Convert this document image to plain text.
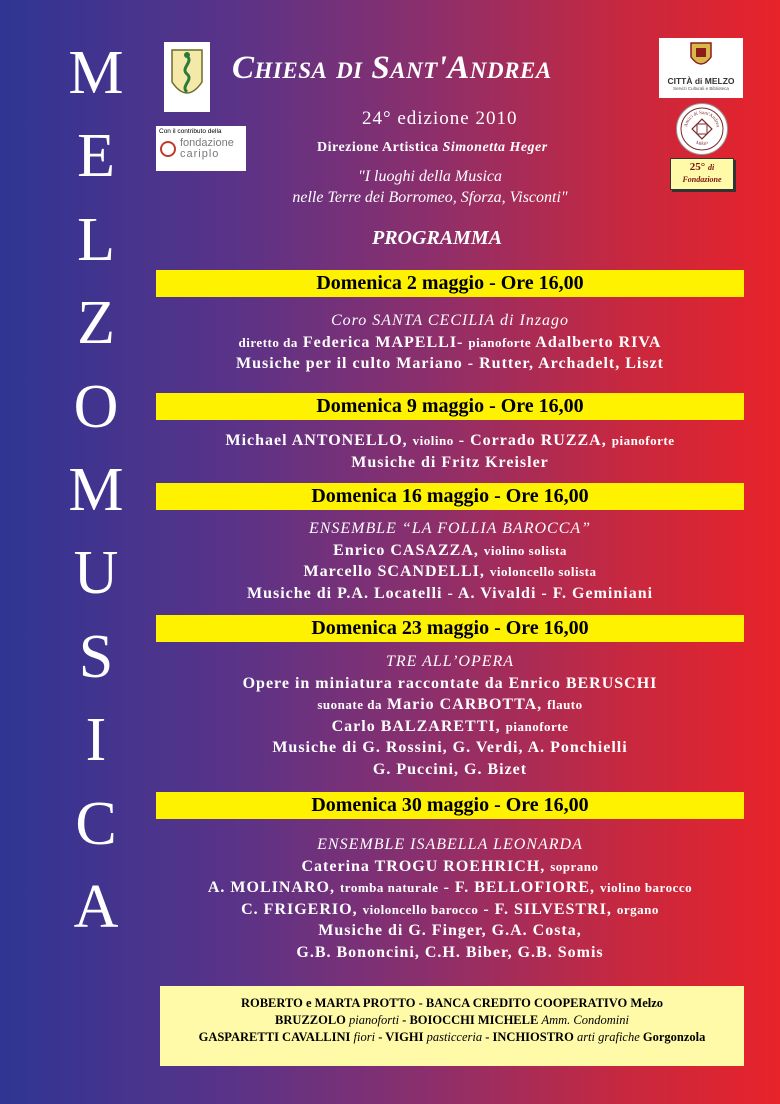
M
E
L
Z
O
M
U
S
I
C
A
Con il contributo della
fondazione
cariplo
CITTÀ di MELZO
Servizi Culturali e Biblioteca
Amici di Sant'Andrea
Melzo
25° di
Fondazione
Chiesa di Sant'Andrea
24° edizione 2010
Direzione Artistica Simonetta Heger
"I luoghi della Musica
nelle Terre dei Borromeo, Sforza, Visconti"
PROGRAMMA
Domenica 2 maggio - Ore 16,00
Coro SANTA CECILIA di Inzago
diretto da Federica MAPELLI- pianoforte Adalberto RIVA
Musiche per il culto Mariano - Rutter, Archadelt, Liszt
Domenica 9 maggio - Ore 16,00
Michael ANTONELLO, violino - Corrado RUZZA, pianoforte
Musiche di Fritz Kreisler
Domenica 16 maggio - Ore 16,00
ENSEMBLE “LA FOLLIA BAROCCA”
Enrico CASAZZA, violino solista
Marcello SCANDELLI, violoncello solista
Musiche di P.A. Locatelli - A. Vivaldi - F. Geminiani
Domenica 23 maggio - Ore 16,00
TRE ALL’OPERA
Opere in miniatura raccontate da Enrico BERUSCHI
suonate da Mario CARBOTTA, flauto
Carlo BALZARETTI, pianoforte
Musiche di G. Rossini, G. Verdi, A. Ponchielli
G. Puccini, G. Bizet
Domenica 30 maggio - Ore 16,00
ENSEMBLE ISABELLA LEONARDA
Caterina TROGU ROEHRICH, soprano
A. MOLINARO, tromba naturale - F. BELLOFIORE, violino barocco
C. FRIGERIO, violoncello barocco - F. SILVESTRI, organo
Musiche di G. Finger, G.A. Costa,
G.B. Bononcini, C.H. Biber, G.B. Somis
ROBERTO e MARTA PROTTO - BANCA CREDITO COOPERATIVO Melzo
BRUZZOLO pianoforti - BOIOCCHI MICHELE Amm. Condomini
GASPARETTI CAVALLINI fiori - VIGHI pasticceria - INCHIOSTRO arti grafiche Gorgonzola
